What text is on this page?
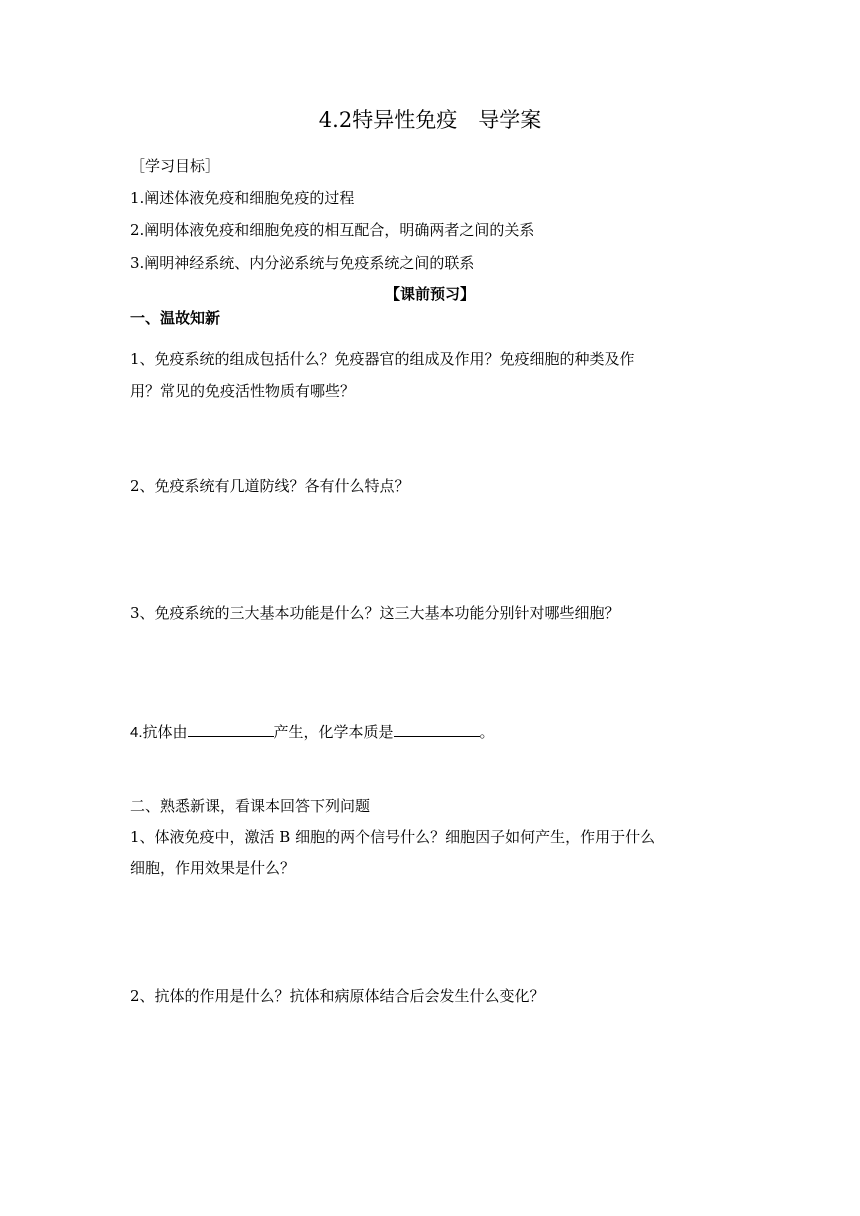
4.2特异性免疫　导学案
［学习目标］
1.阐述体液免疫和细胞免疫的过程
2.阐明体液免疫和细胞免疫的相互配合，明确两者之间的关系
3.阐明神经系统、内分泌系统与免疫系统之间的联系
【课前预习】
一、温故知新
1、免疫系统的组成包括什么？免疫器官的组成及作用？免疫细胞的种类及作
用？常见的免疫活性物质有哪些？
2、免疫系统有几道防线？各有什么特点？
3、免疫系统的三大基本功能是什么？这三大基本功能分别针对哪些细胞？
4.抗体由	产生，化学本质是	。
二、熟悉新课，看课本回答下列问题
1、体液免疫中，激活 B 细胞的两个信号什么？细胞因子如何产生，作用于什么
细胞，作用效果是什么？
2、抗体的作用是什么？抗体和病原体结合后会发生什么变化？
